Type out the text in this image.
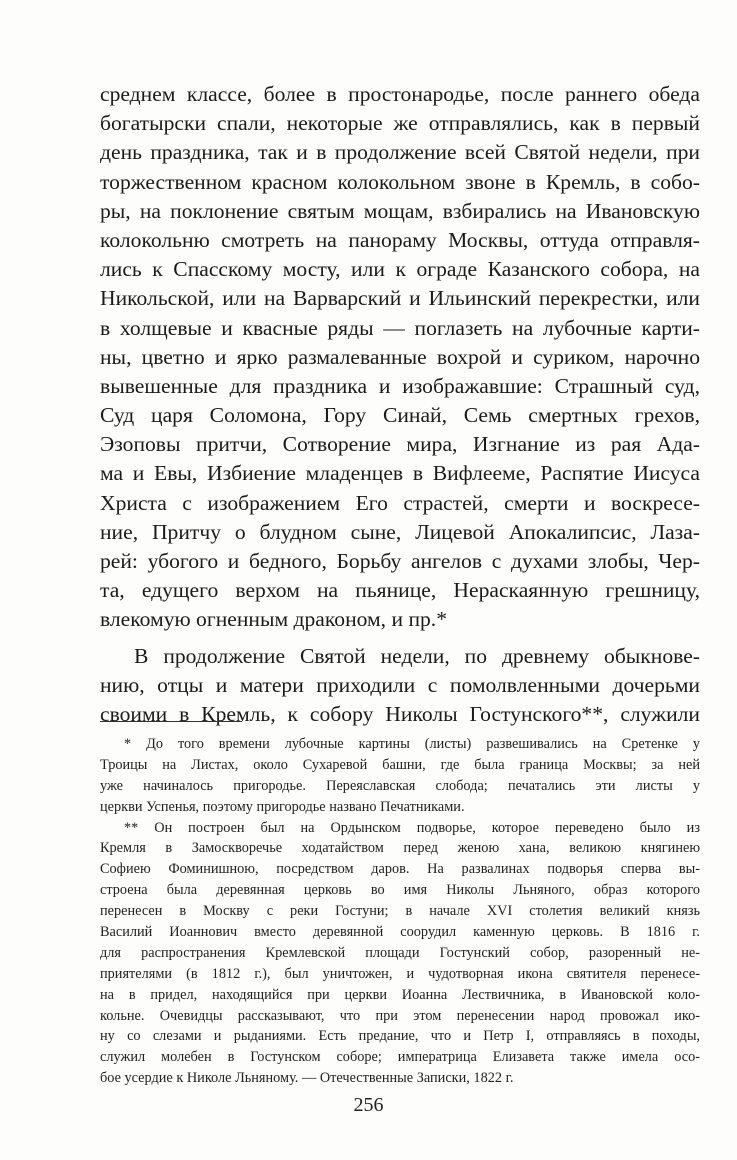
среднем классе, более в простонародье, после раннего обеда
богатырски спали, некоторые же отправлялись, как в первый
день праздника, так и в продолжение всей Святой недели, при
торжественном красном колокольном звоне в Кремль, в собо-
ры, на поклонение святым мощам, взбирались на Ивановскую
колокольню смотреть на панораму Москвы, оттуда отправля-
лись к Спасскому мосту, или к ограде Казанского собора, на
Никольской, или на Варварский и Ильинский перекрестки, или
в холщевые и квасные ряды — поглазеть на лубочные карти-
ны, цветно и ярко размалеванные вохрой и суриком, нарочно
вывешенные для праздника и изображавшие: Страшный суд,
Суд царя Соломона, Гору Синай, Семь смертных грехов,
Эзоповы притчи, Сотворение мира, Изгнание из рая Ада-
ма и Евы, Избиение младенцев в Вифлееме, Распятие Иисуса
Христа с изображением Его страстей, смерти и воскресе-
ние, Притчу о блудном сыне, Лицевой Апокалипсис, Лаза-
рей: убогого и бедного, Борьбу ангелов с духами злобы, Чер-
та, едущего верхом на пьянице, Нераскаянную грешницу,
влекомую огненным драконом, и пр.*
В продолжение Святой недели, по древнему обыкнове-
нию, отцы и матери приходили с помолвленными дочерьми
своими в Кремль, к собору Николы Гостунского**, служили
* До того времени лубочные картины (листы) развешивались на Сретенке у
Троицы на Листах, около Сухаревой башни, где была граница Москвы; за ней
уже начиналось пригородье. Переяславская слобода; печатались эти листы у
церкви Успенья, поэтому пригородье названо Печатниками.
** Он построен был на Ордынском подворье, которое переведено было из
Кремля в Замоскворечье ходатайством перед женою хана, великою княгинею
Софиею Фоминишною, посредством даров. На развалинах подворья сперва вы-
строена была деревянная церковь во имя Николы Льняного, образ которого
перенесен в Москву с реки Гостуни; в начале XVI столетия великий князь
Василий Иоаннович вместо деревянной соорудил каменную церковь. В 1816 г.
для распространения Кремлевской площади Гостунский собор, разоренный не-
приятелями (в 1812 г.), был уничтожен, и чудотворная икона святителя перенесе-
на в придел, находящийся при церкви Иоанна Лествичника, в Ивановской коло-
кольне. Очевидцы рассказывают, что при этом перенесении народ провожал ико-
ну со слезами и рыданиями. Есть предание, что и Петр I, отправляясь в походы,
служил молебен в Гостунском соборе; императрица Елизавета также имела осо-
бое усердие к Николе Льняному. — Отечественные Записки, 1822 г.
256
